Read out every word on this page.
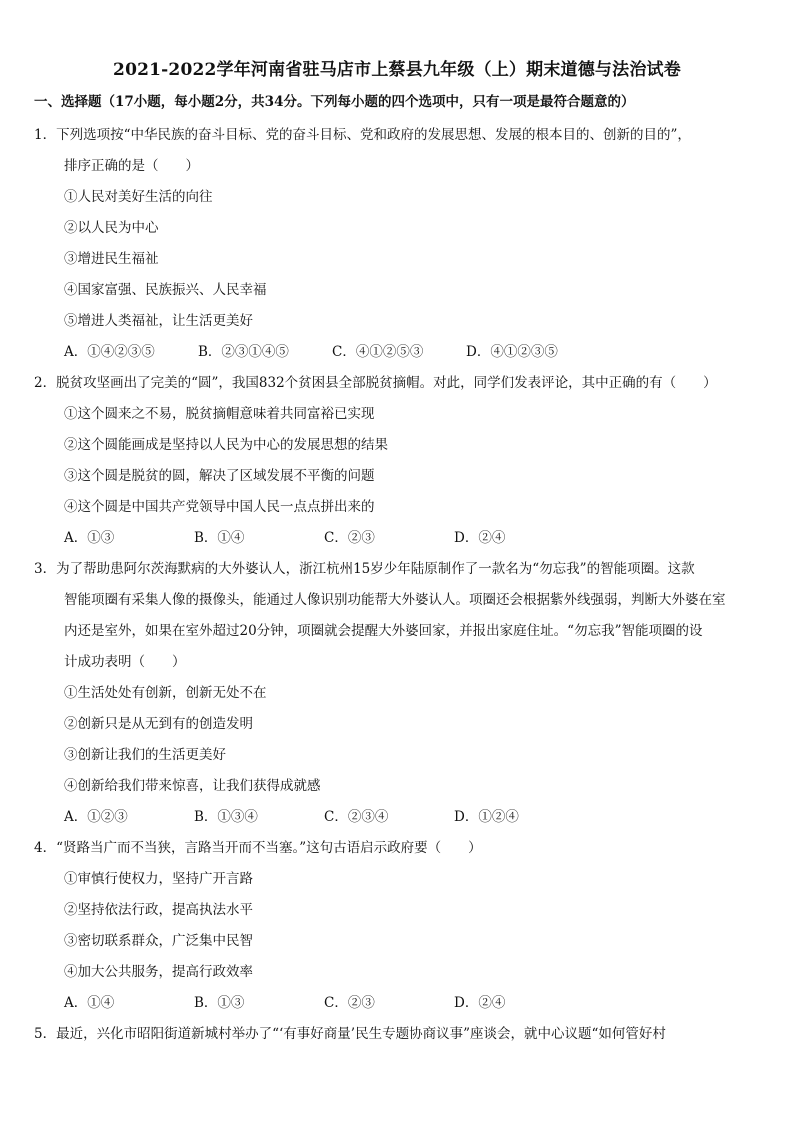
2021-2022学年河南省驻马店市上蔡县九年级（上）期末道德与法治试卷
一、选择题（17小题，每小题2分，共34分。下列每小题的四个选项中，只有一项是最符合题意的）
1．下列选项按“中华民族的奋斗目标、党的奋斗目标、党和政府的发展思想、发展的根本目的、创新的目的”，
排序正确的是（　　）
①人民对美好生活的向往
②以人民为中心
③增进民生福祉
④国家富强、民族振兴、人民幸福
⑤增进人类福祉，让生活更美好
A．①④②③⑤	B．②③①④⑤	C．④①②⑤③	D．④①②③⑤
2．脱贫攻坚画出了完美的“圆”，我国832个贫困县全部脱贫摘帽。对此，同学们发表评论，其中正确的有（　　）
①这个圆来之不易，脱贫摘帽意味着共同富裕已实现
②这个圆能画成是坚持以人民为中心的发展思想的结果
③这个圆是脱贫的圆，解决了区域发展不平衡的问题
④这个圆是中国共产党领导中国人民一点点拼出来的
A．①③	B．①④	C．②③	D．②④
3．为了帮助患阿尔茨海默病的大外婆认人，浙江杭州15岁少年陆原制作了一款名为“勿忘我”的智能项圈。这款
智能项圈有采集人像的摄像头，能通过人像识别功能帮大外婆认人。项圈还会根据紫外线强弱，判断大外婆在室
内还是室外，如果在室外超过20分钟，项圈就会提醒大外婆回家，并报出家庭住址。“勿忘我”智能项圈的设
计成功表明（　　）
①生活处处有创新，创新无处不在
②创新只是从无到有的创造发明
③创新让我们的生活更美好
④创新给我们带来惊喜，让我们获得成就感
A．①②③	B．①③④	C．②③④	D．①②④
4．“贤路当广而不当狭，言路当开而不当塞。”这句古语启示政府要（　　）
①审慎行使权力，坚持广开言路
②坚持依法行政，提高执法水平
③密切联系群众，广泛集中民智
④加大公共服务，提高行政效率
A．①④	B．①③	C．②③	D．②④
5．最近，兴化市昭阳街道新城村举办了“‘有事好商量’民生专题协商议事”座谈会，就中心议题“如何管好村
